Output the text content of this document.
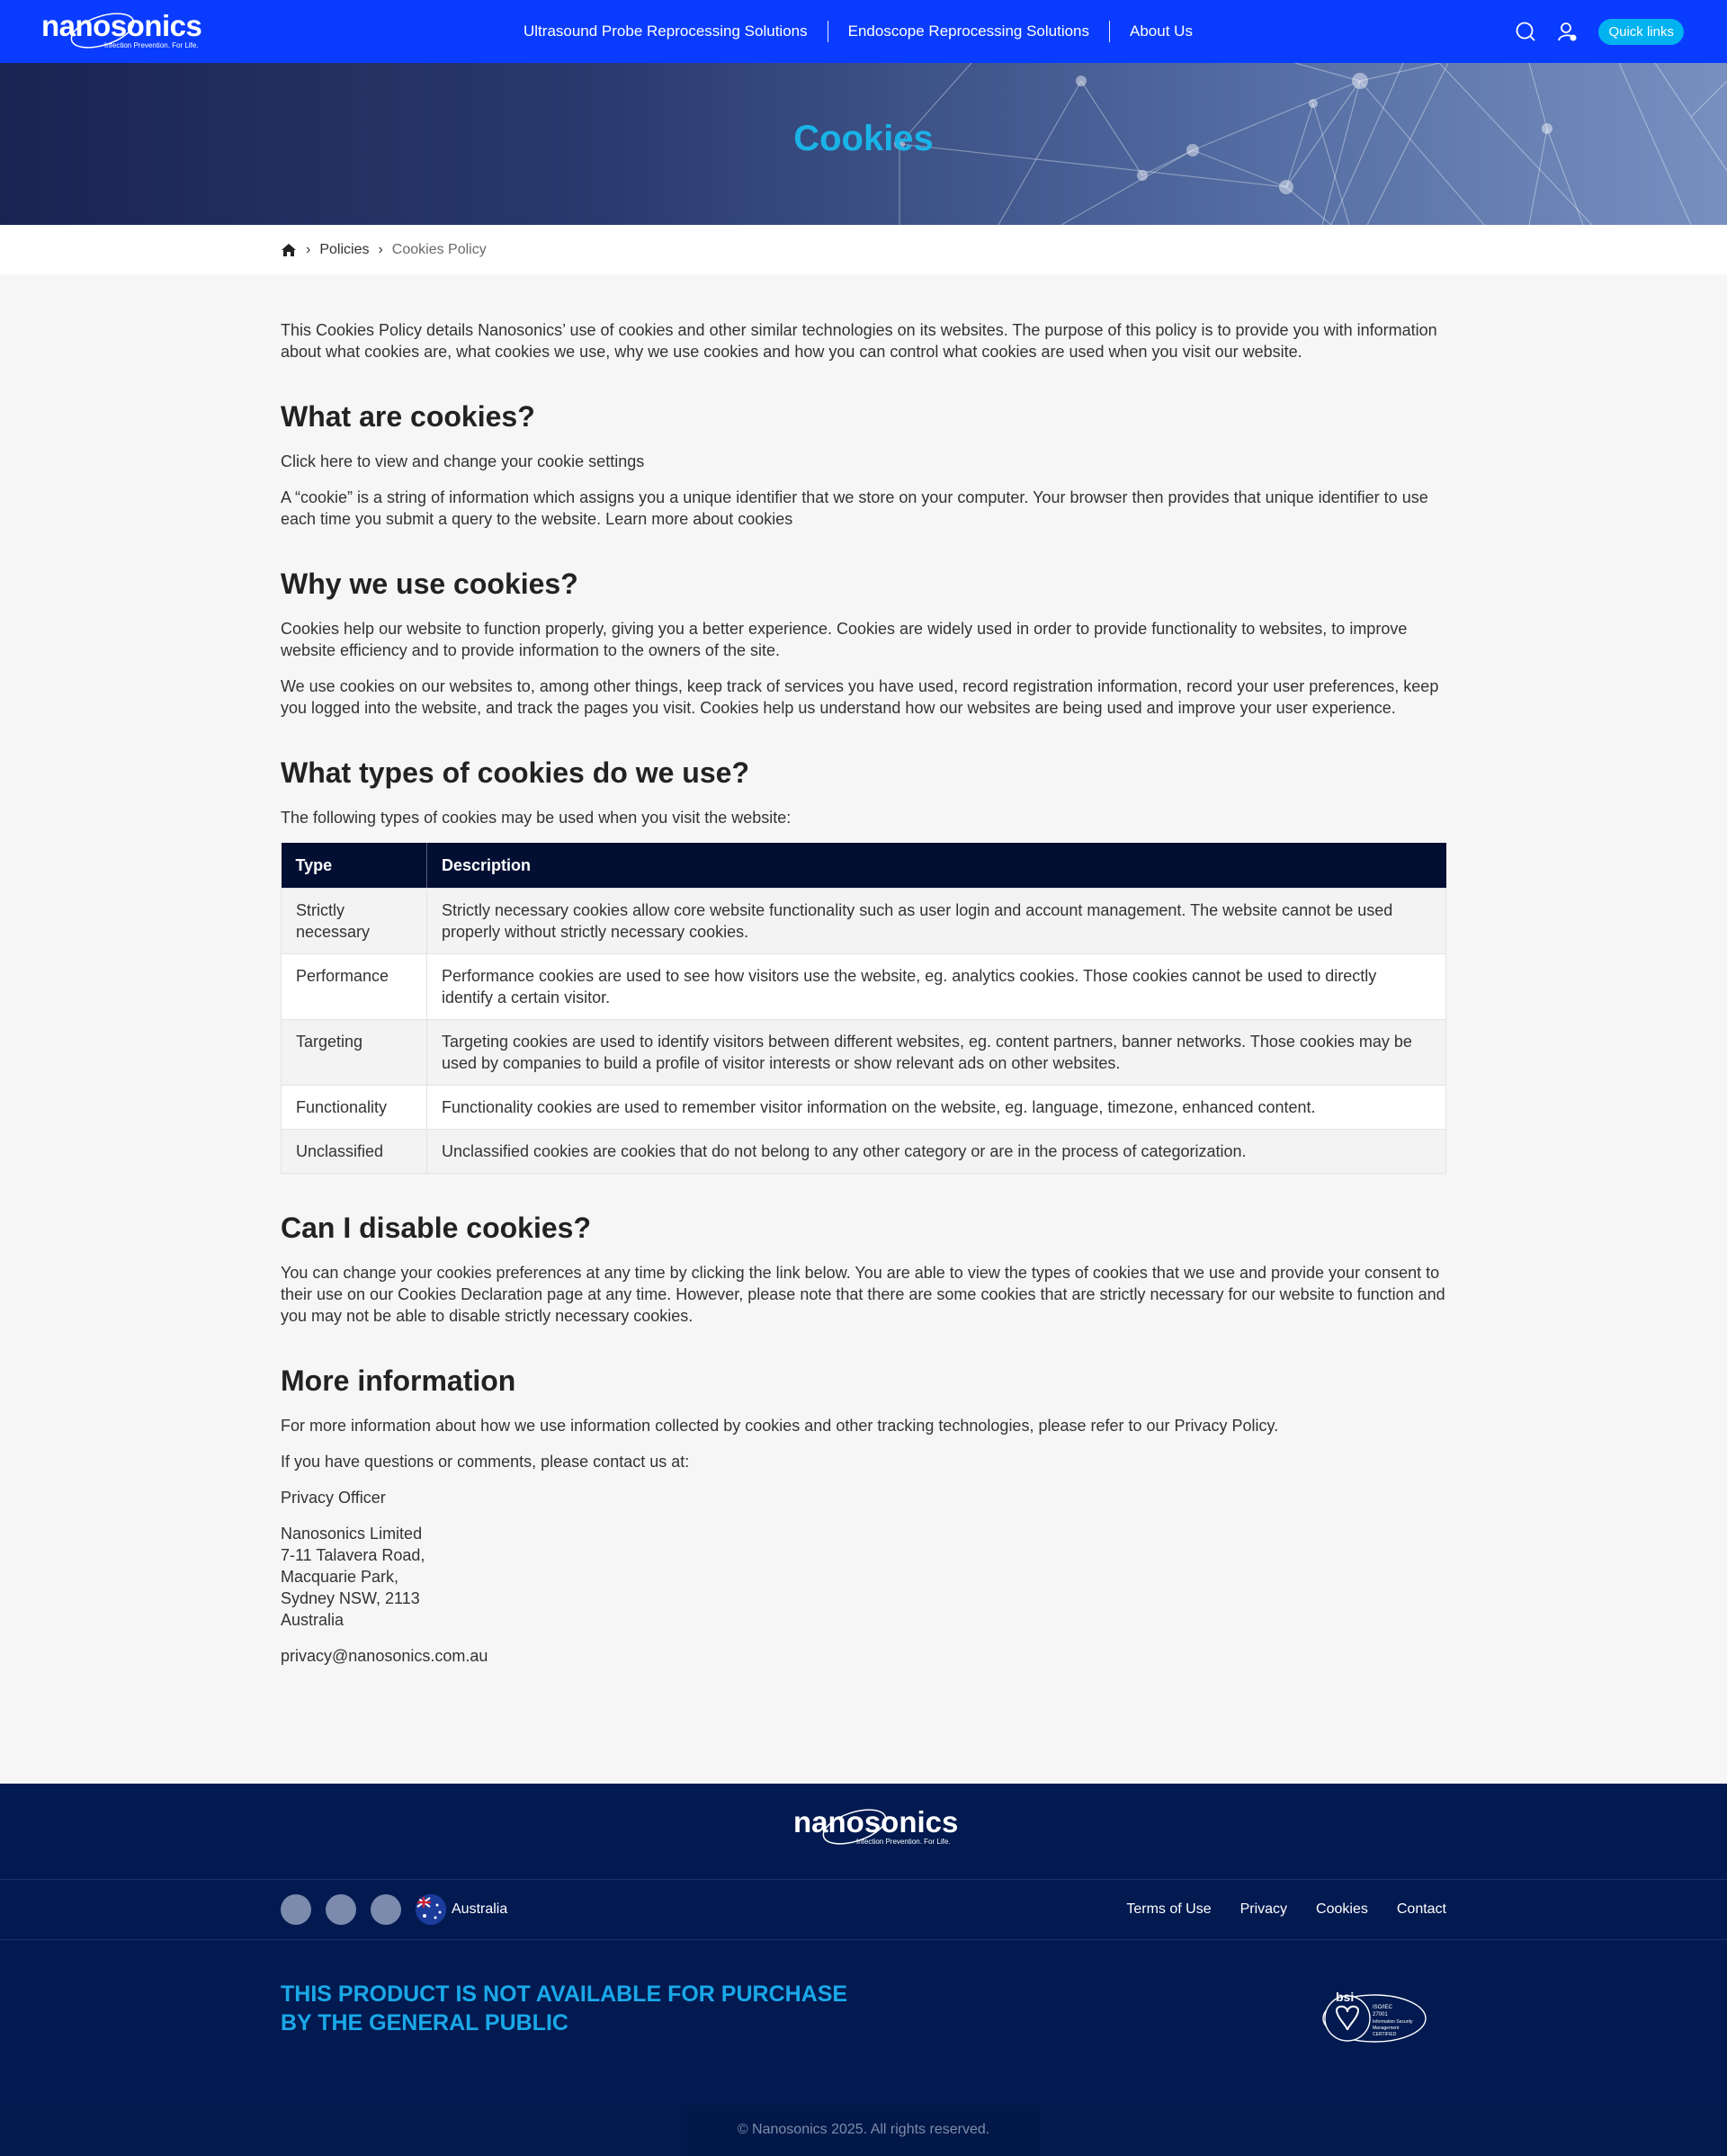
nanosonics
Infection Prevention. For Life.
Ultrasound Probe Reprocessing Solutions	Endoscope Reprocessing Solutions	About Us	Quick links
Cookies
› Policies › Cookies Policy

This Cookies Policy details Nanosonics’ use of cookies and other similar technologies on its websites. The purpose of this policy is to provide you with information about what cookies are, what cookies we use, why we use cookies and how you can control what cookies are used when you visit our website.

What are cookies?

Click here to view and change your cookie settings

A “cookie” is a string of information which assigns you a unique identifier that we store on your computer. Your browser then provides that unique identifier to use each time you submit a query to the website. Learn more about cookies

Why we use cookies?

Cookies help our website to function properly, giving you a better experience. Cookies are widely used in order to provide functionality to websites, to improve website efficiency and to provide information to the owners of the site.

We use cookies on our websites to, among other things, keep track of services you have used, record registration information, record your user preferences, keep you logged into the website, and track the pages you visit. Cookies help us understand how our websites are being used and improve your user experience.

What types of cookies do we use?

The following types of cookies may be used when you visit the website:

Type	Description
Strictly necessary	Strictly necessary cookies allow core website functionality such as user login and account management. The website cannot be used properly without strictly necessary cookies.
Performance	Performance cookies are used to see how visitors use the website, eg. analytics cookies. Those cookies cannot be used to directly identify a certain visitor.
Targeting	Targeting cookies are used to identify visitors between different websites, eg. content partners, banner networks. Those cookies may be used by companies to build a profile of visitor interests or show relevant ads on other websites.
Functionality	Functionality cookies are used to remember visitor information on the website, eg. language, timezone, enhanced content.
Unclassified	Unclassified cookies are cookies that do not belong to any other category or are in the process of categorization.
Can I disable cookies?

You can change your cookies preferences at any time by clicking the link below. You are able to view the types of cookies that we use and provide your consent to their use on our Cookies Declaration page at any time. However, please note that there are some cookies that are strictly necessary for our website to function and you may not be able to disable strictly necessary cookies.

More information

For more information about how we use information collected by cookies and other tracking technologies, please refer to our Privacy Policy.

If you have questions or comments, please contact us at:

Privacy Officer

Nanosonics Limited
7-11 Talavera Road,
Macquarie Park,
Sydney NSW, 2113
Australia

privacy@nanosonics.com.au

nanosonics
Infection Prevention. For Life.
Australia	Terms of Use Privacy Cookies Contact
THIS PRODUCT IS NOT AVAILABLE FOR PURCHASE
BY THE GENERAL PUBLIC
bsi
ISO/IEC
27001
Information Security
Management
CERTIFIED
© Nanosonics 2025. All rights reserved.
